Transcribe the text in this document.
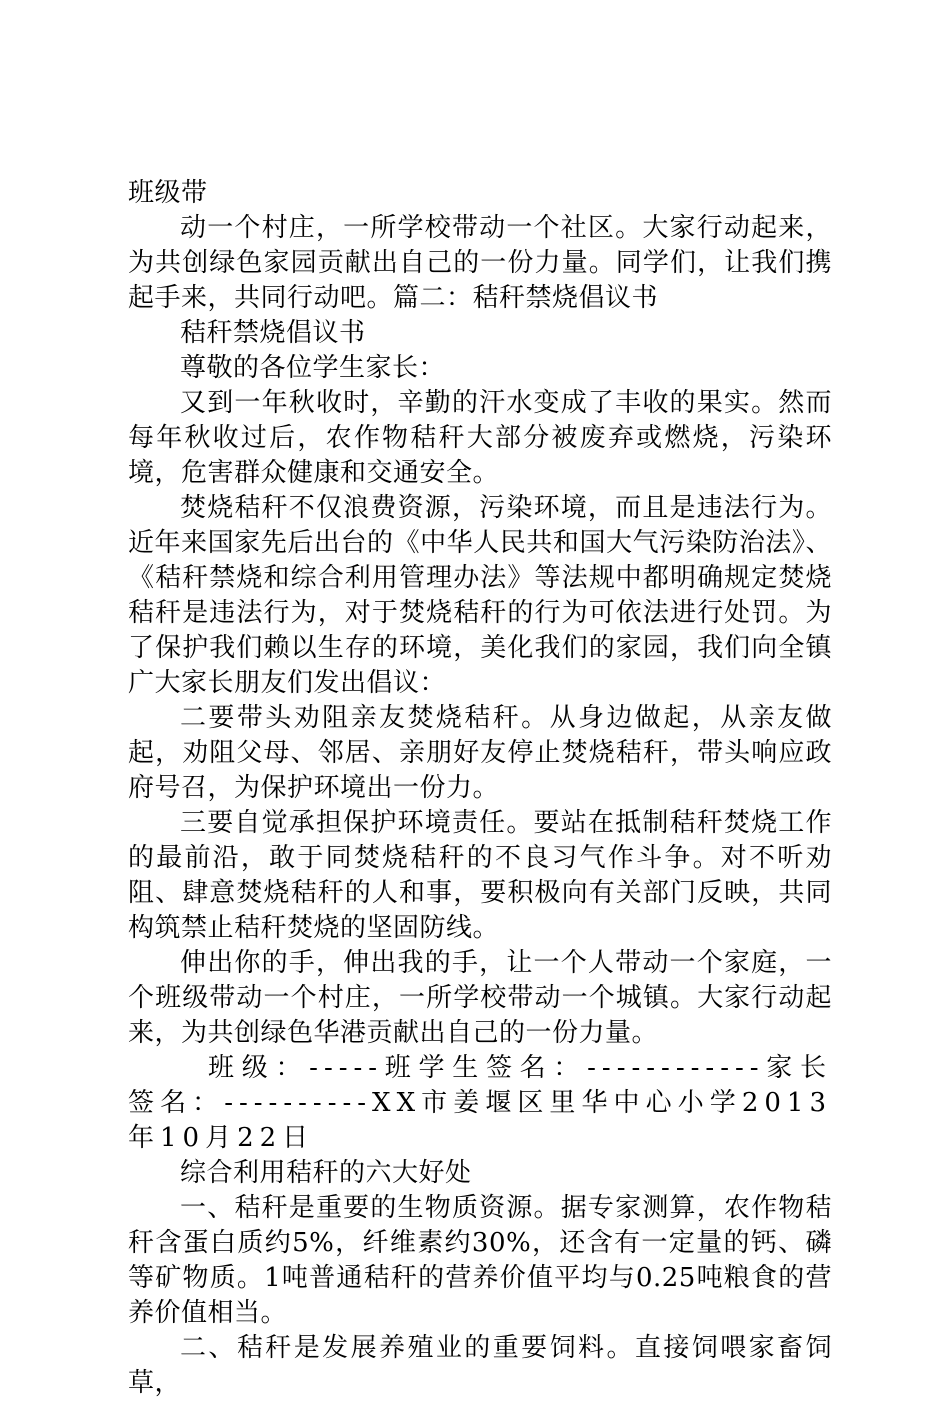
班级带

动一个村庄，一所学校带动一个社区。大家行动起来，为共创绿色家园贡献出自己的一份力量。同学们，让我们携起手来，共同行动吧。篇二：秸秆禁烧倡议书

秸秆禁烧倡议书

尊敬的各位学生家长：

又到一年秋收时，辛勤的汗水变成了丰收的果实。然而每年秋收过后，农作物秸秆大部分被废弃或燃烧，污染环境，危害群众健康和交通安全。

焚烧秸秆不仅浪费资源，污染环境，而且是违法行为。近年来国家先后出台的《中华人民共和国大气污染防治法》、《秸秆禁烧和综合利用管理办法》等法规中都明确规定焚烧秸秆是违法行为，对于焚烧秸秆的行为可依法进行处罚。为了保护我们赖以生存的环境，美化我们的家园，我们向全镇广大家长朋友们发出倡议：

二要带头劝阻亲友焚烧秸秆。从身边做起，从亲友做起，劝阻父母、邻居、亲朋好友停止焚烧秸秆，带头响应政府号召，为保护环境出一份力。

三要自觉承担保护环境责任。要站在抵制秸秆焚烧工作的最前沿，敢于同焚烧秸秆的不良习气作斗争。对不听劝阻、肆意焚烧秸秆的人和事，要积极向有关部门反映，共同构筑禁止秸秆焚烧的坚固防线。

伸出你的手，伸出我的手，让一个人带动一个家庭，一个班级带动一个村庄，一所学校带动一个城镇。大家行动起来，为共创绿色华港贡献出自己的一份力量。

班级：-----班学生签名：------------家长签名：----------XX市姜堰区里华中心小学2013年10月22日

综合利用秸秆的六大好处

一、秸秆是重要的生物质资源。据专家测算，农作物秸秆含蛋白质约5%，纤维素约30%，还含有一定量的钙、磷等矿物质。1吨普通秸秆的营养价值平均与0.25吨粮食的营养价值相当。

二、秸秆是发展养殖业的重要饲料。直接饲喂家畜饲草，
